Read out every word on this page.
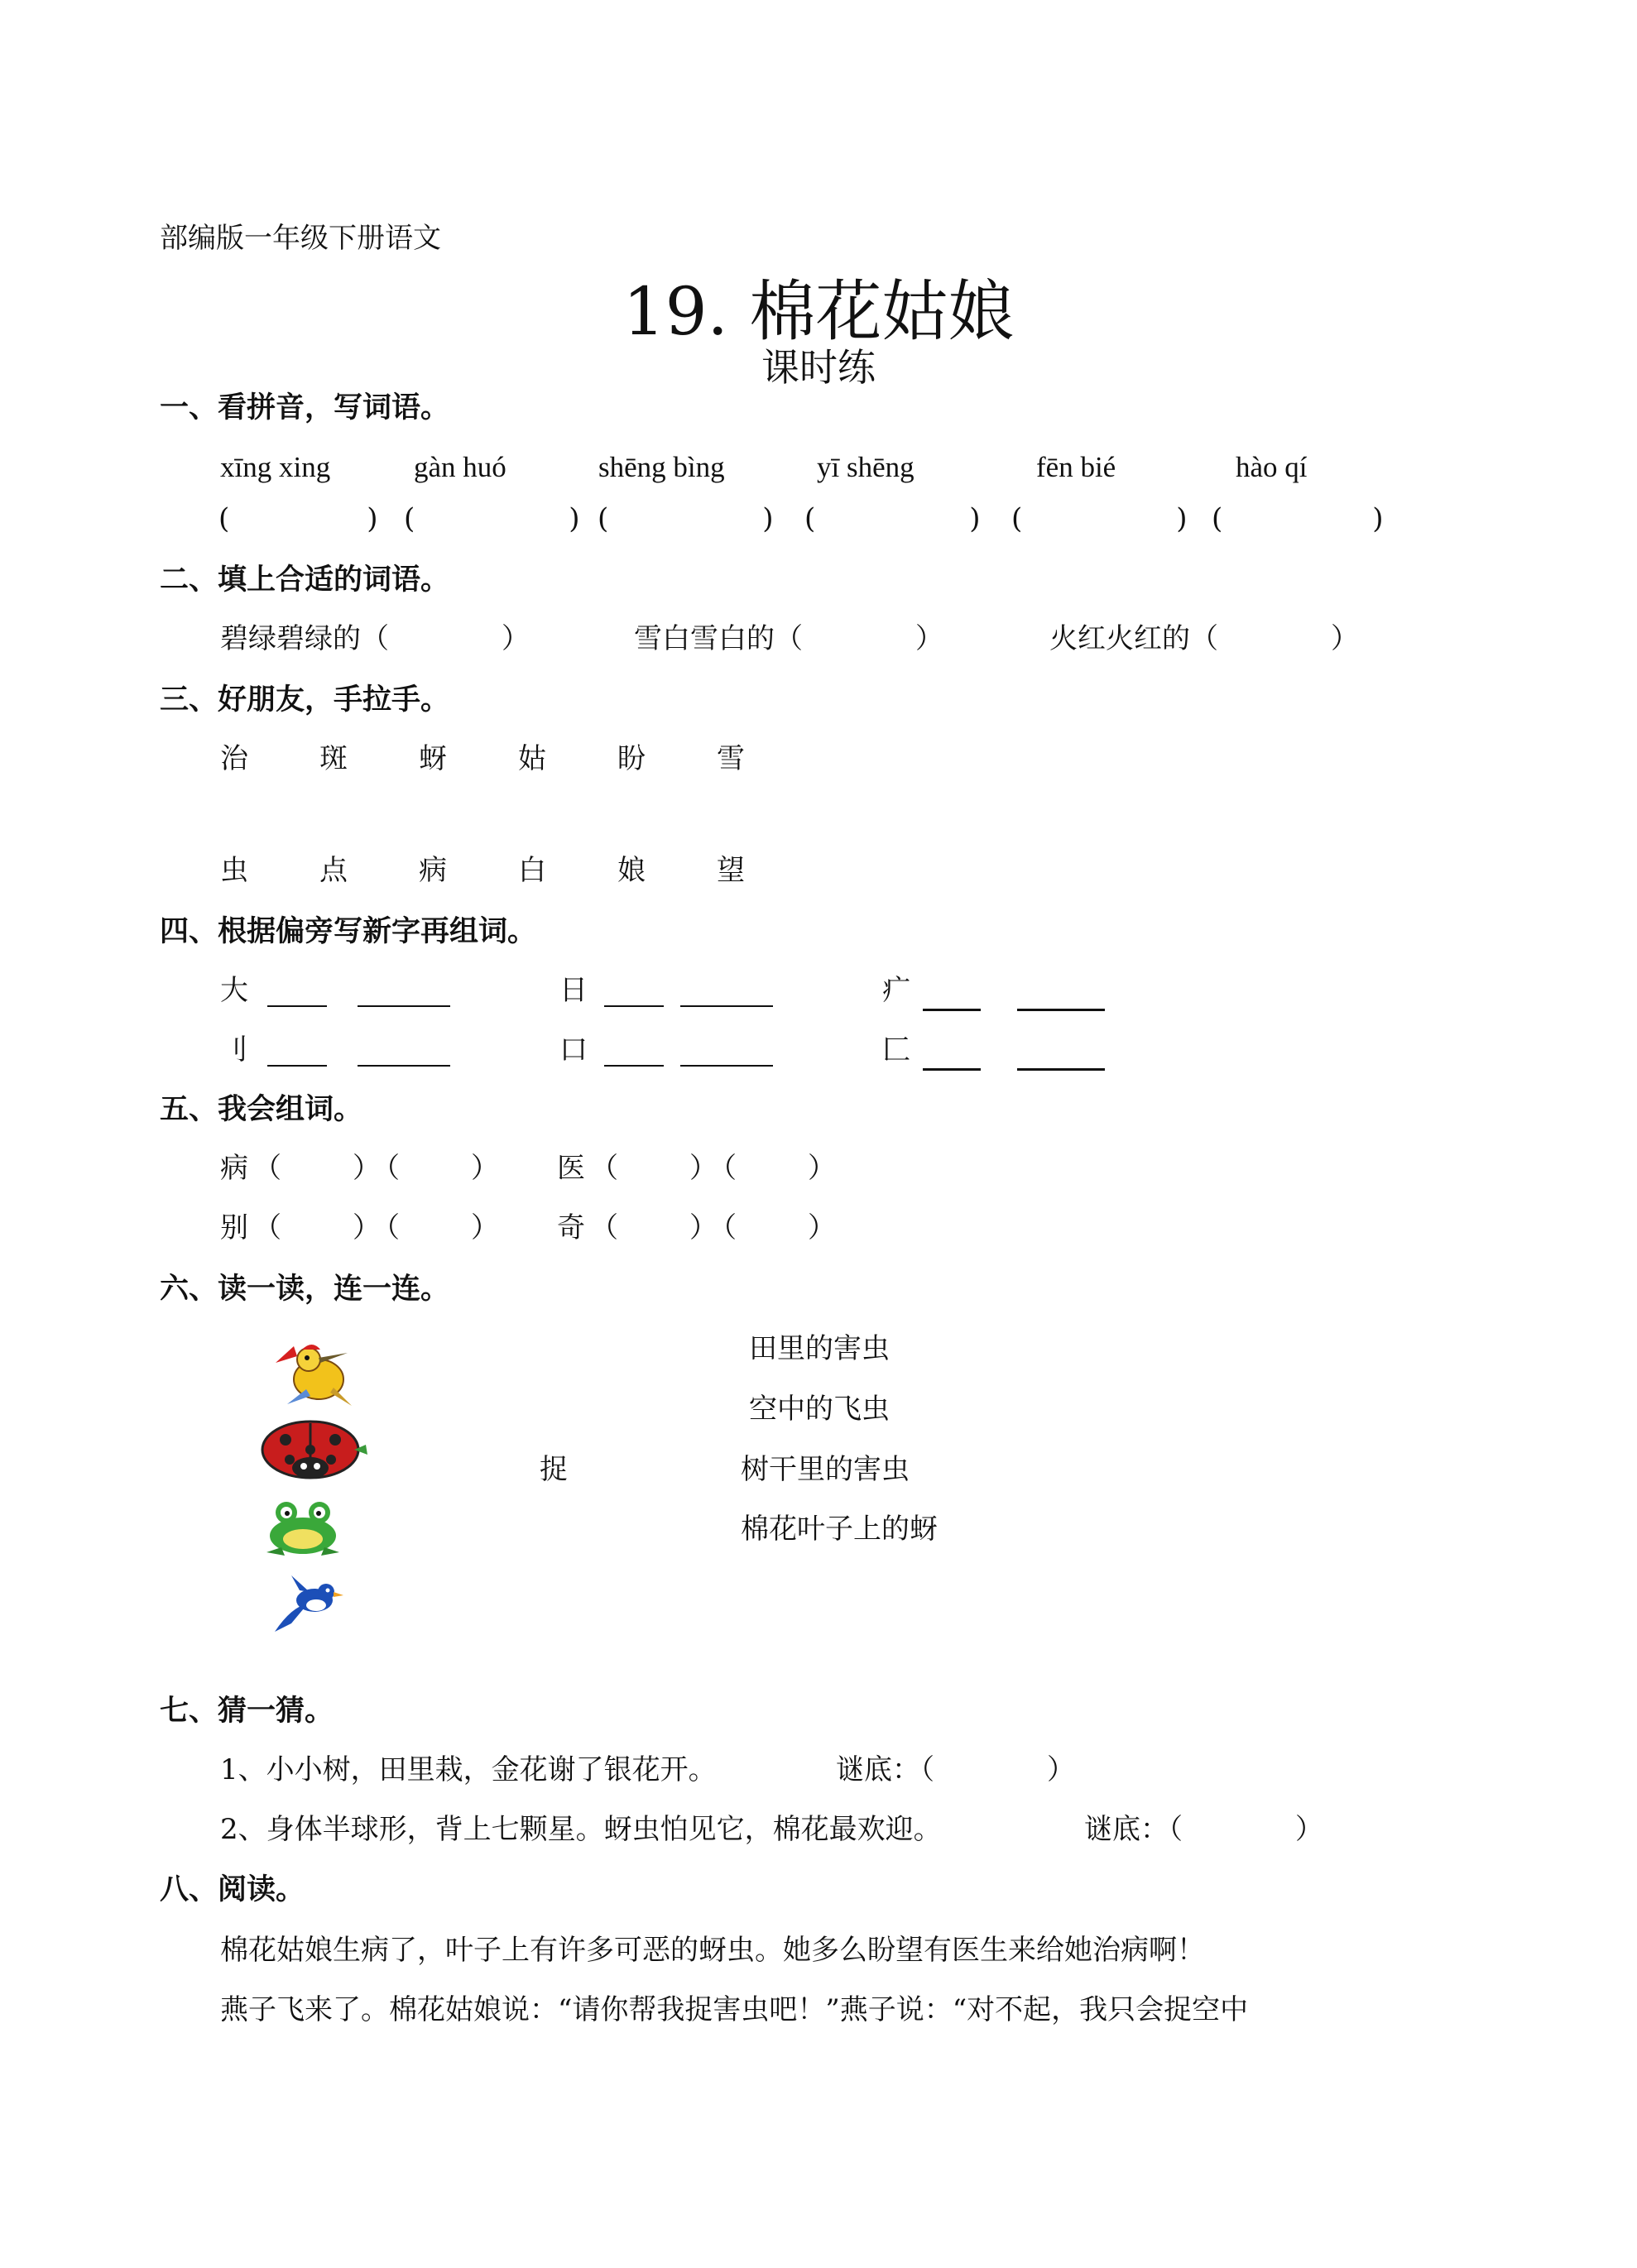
部编版一年级下册语文
19. 棉花姑娘
课时练
一、看拼音，写词语。
xīng xing	gàn huó	shēng bìng	yī shēng	fēn bié	hào qí
(　　　　) (　　　　) (　　　　) (　　　　) (　　　　) (　　　　)
二、填上合适的词语。
碧绿碧绿的（　　　　）	雪白雪白的（　　　　）	火红火红的（　　　　）
三、好朋友，手拉手。
治	斑	蚜	姑	盼	雪
虫	点	病	白	娘	望
四、根据偏旁写新字再组词。
大	日	疒
刂	口	匚
五、我会组词。
病 （　　）（　　） 医 （　　）（　　）
别 （　　）（　　） 奇 （　　）（　　）
六、读一读，连一连。
捉
田里的害虫
空中的飞虫
树干里的害虫
棉花叶子上的蚜
七、猜一猜。
1、小小树，田里栽，金花谢了银花开。	谜底：（　　　　）
2、身体半球形，背上七颗星。蚜虫怕见它，棉花最欢迎。	谜底：（　　　　）
八、阅读。
棉花姑娘生病了，叶子上有许多可恶的蚜虫。她多么盼望有医生来给她治病啊！
燕子飞来了。棉花姑娘说：“请你帮我捉害虫吧！”燕子说：“对不起，我只会捉空中
